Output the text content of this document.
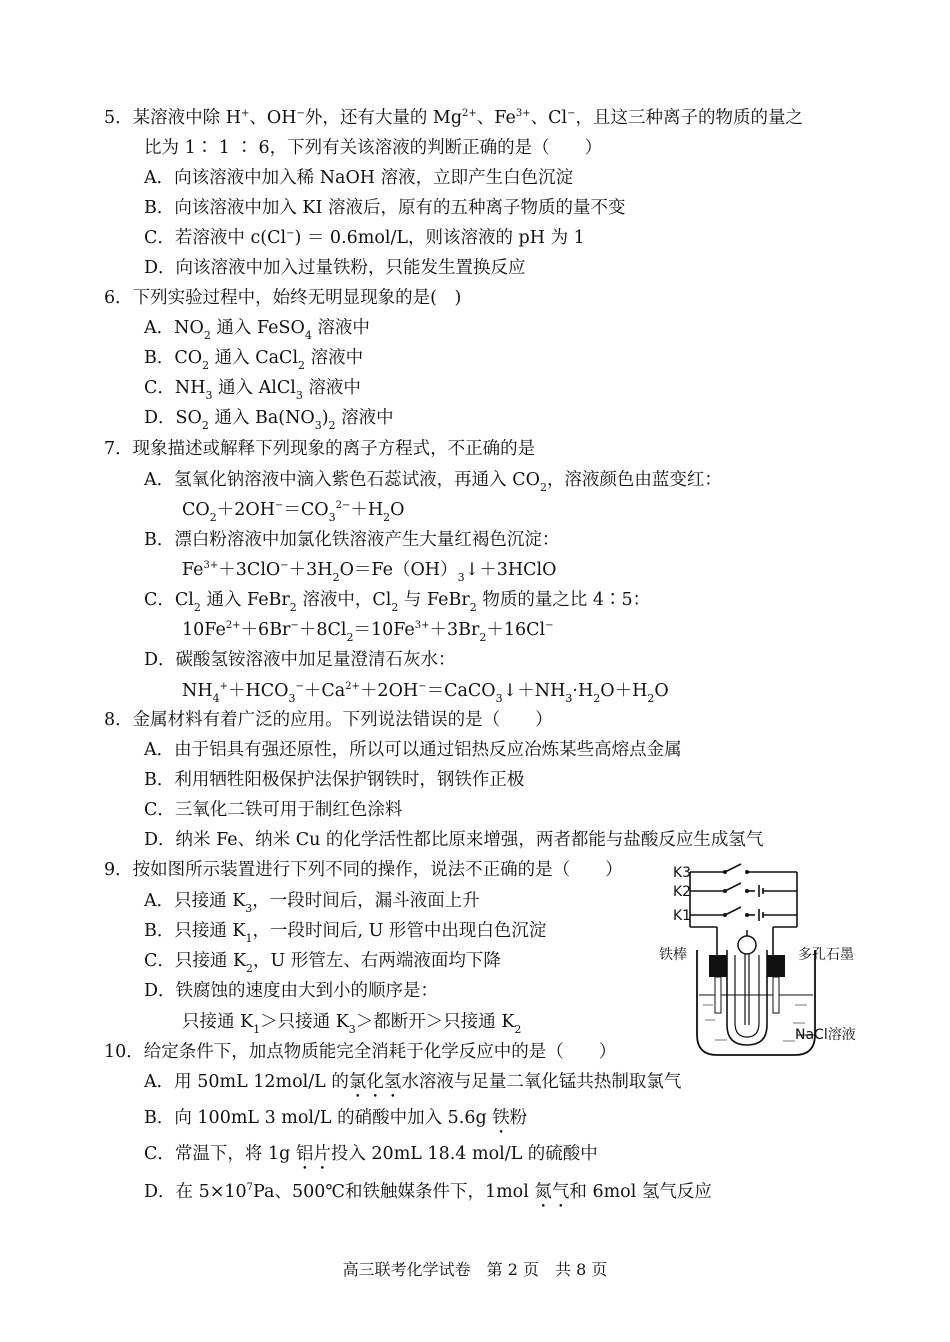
5．某溶液中除 H+、OH−外，还有大量的 $Mg^{2+}$、$Fe^{3+}$、Cl−，且这三种离子的物质的量之
比为 1∶ 1 ∶ 6，下列有关该溶液的判断正确的是（　　）
A．向该溶液中加入稀 NaOH 溶液，立即产生白色沉淀
B．向该溶液中加入 KI 溶液后，原有的五种离子物质的量不变
C．若溶液中 c(Cl−) ＝ 0.6mol/L，则该溶液的 pH 为 1
D．向该溶液中加入过量铁粉，只能发生置换反应
6．下列实验过程中，始终无明显现象的是(　)
A．$NO_2$ 通入 FeSO$_4$ 溶液中
B．$CO_2$ 通入 CaCl$_2$ 溶液中
C．$NH_3$ 通入 AlCl$_3$ 溶液中
D．$SO_2$ 通入 $Ba(NO_3)_2$ 溶液中
7．现象描述或解释下列现象的离子方程式，不正确的是
A．氢氧化钠溶液中滴入紫色石蕊试液，再通入 $CO_2$，溶液颜色由蓝变红：
$CO_2+2OH^-=CO_3^{2-}+H_2O$
B．漂白粉溶液中加氯化铁溶液产生大量红褐色沉淀：
$Fe^{3+}+3ClO^-+3H_2O=Fe(OH)_3↓+3HClO$
C．$Cl_2$ 通入 FeBr$_2$ 溶液中，$Cl_2$ 与 FeBr$_2$ 物质的量之比 4∶5：
$10Fe^{2+}+6Br^-+8Cl_2=10Fe^{3+}+3Br_2+16Cl^-$
D．碳酸氢铵溶液中加足量澄清石灰水：
$NH_4^++HCO_3^-+Ca^{2+}+2OH^-=CaCO_3↓+NH_3\cdot H_2O+H_2O$
8．金属材料有着广泛的应用。下列说法错误的是（　　）
A．由于铝具有强还原性，所以可以通过铝热反应冶炼某些高熔点金属
B．利用牺牲阳极保护法保护钢铁时，钢铁作正极
C．三氧化二铁可用于制红色涂料
D．纳米 Fe、纳米 Cu 的化学活性都比原来增强，两者都能与盐酸反应生成氢气
9．按如图所示装置进行下列不同的操作，说法不正确的是（　　）
A．只接通 $K_3$，一段时间后，漏斗液面上升
B．只接通 $K_1$，一段时间后, U 形管中出现白色沉淀
C．只接通 $K_2$，U 形管左、右两端液面均下降
D．铁腐蚀的速度由大到小的顺序是：
只接通 $K_1>$只接通 $K_3>$都断开＞只接通 $K_2$
K3
K2
K1
铁棒	多孔石墨
NaCl溶液
10．给定条件下，加点物质能完全消耗于化学反应中的是（　　）
A．用 50mL 12mol/L 的氯化氢水溶液与足量二氧化锰共热制取氯气
B．向 100mL 3 mol/L 的硝酸中加入 5.6g 铁粉
C．常温下，将 1g 铝片投入 20mL 18.4 mol/L 的硫酸中
D．在 $5\times 10^7Pa$、500℃和铁触媒条件下，1mol 氮气和 6mol 氢气反应
高三联考化学试卷　第 2 页　共 8 页
